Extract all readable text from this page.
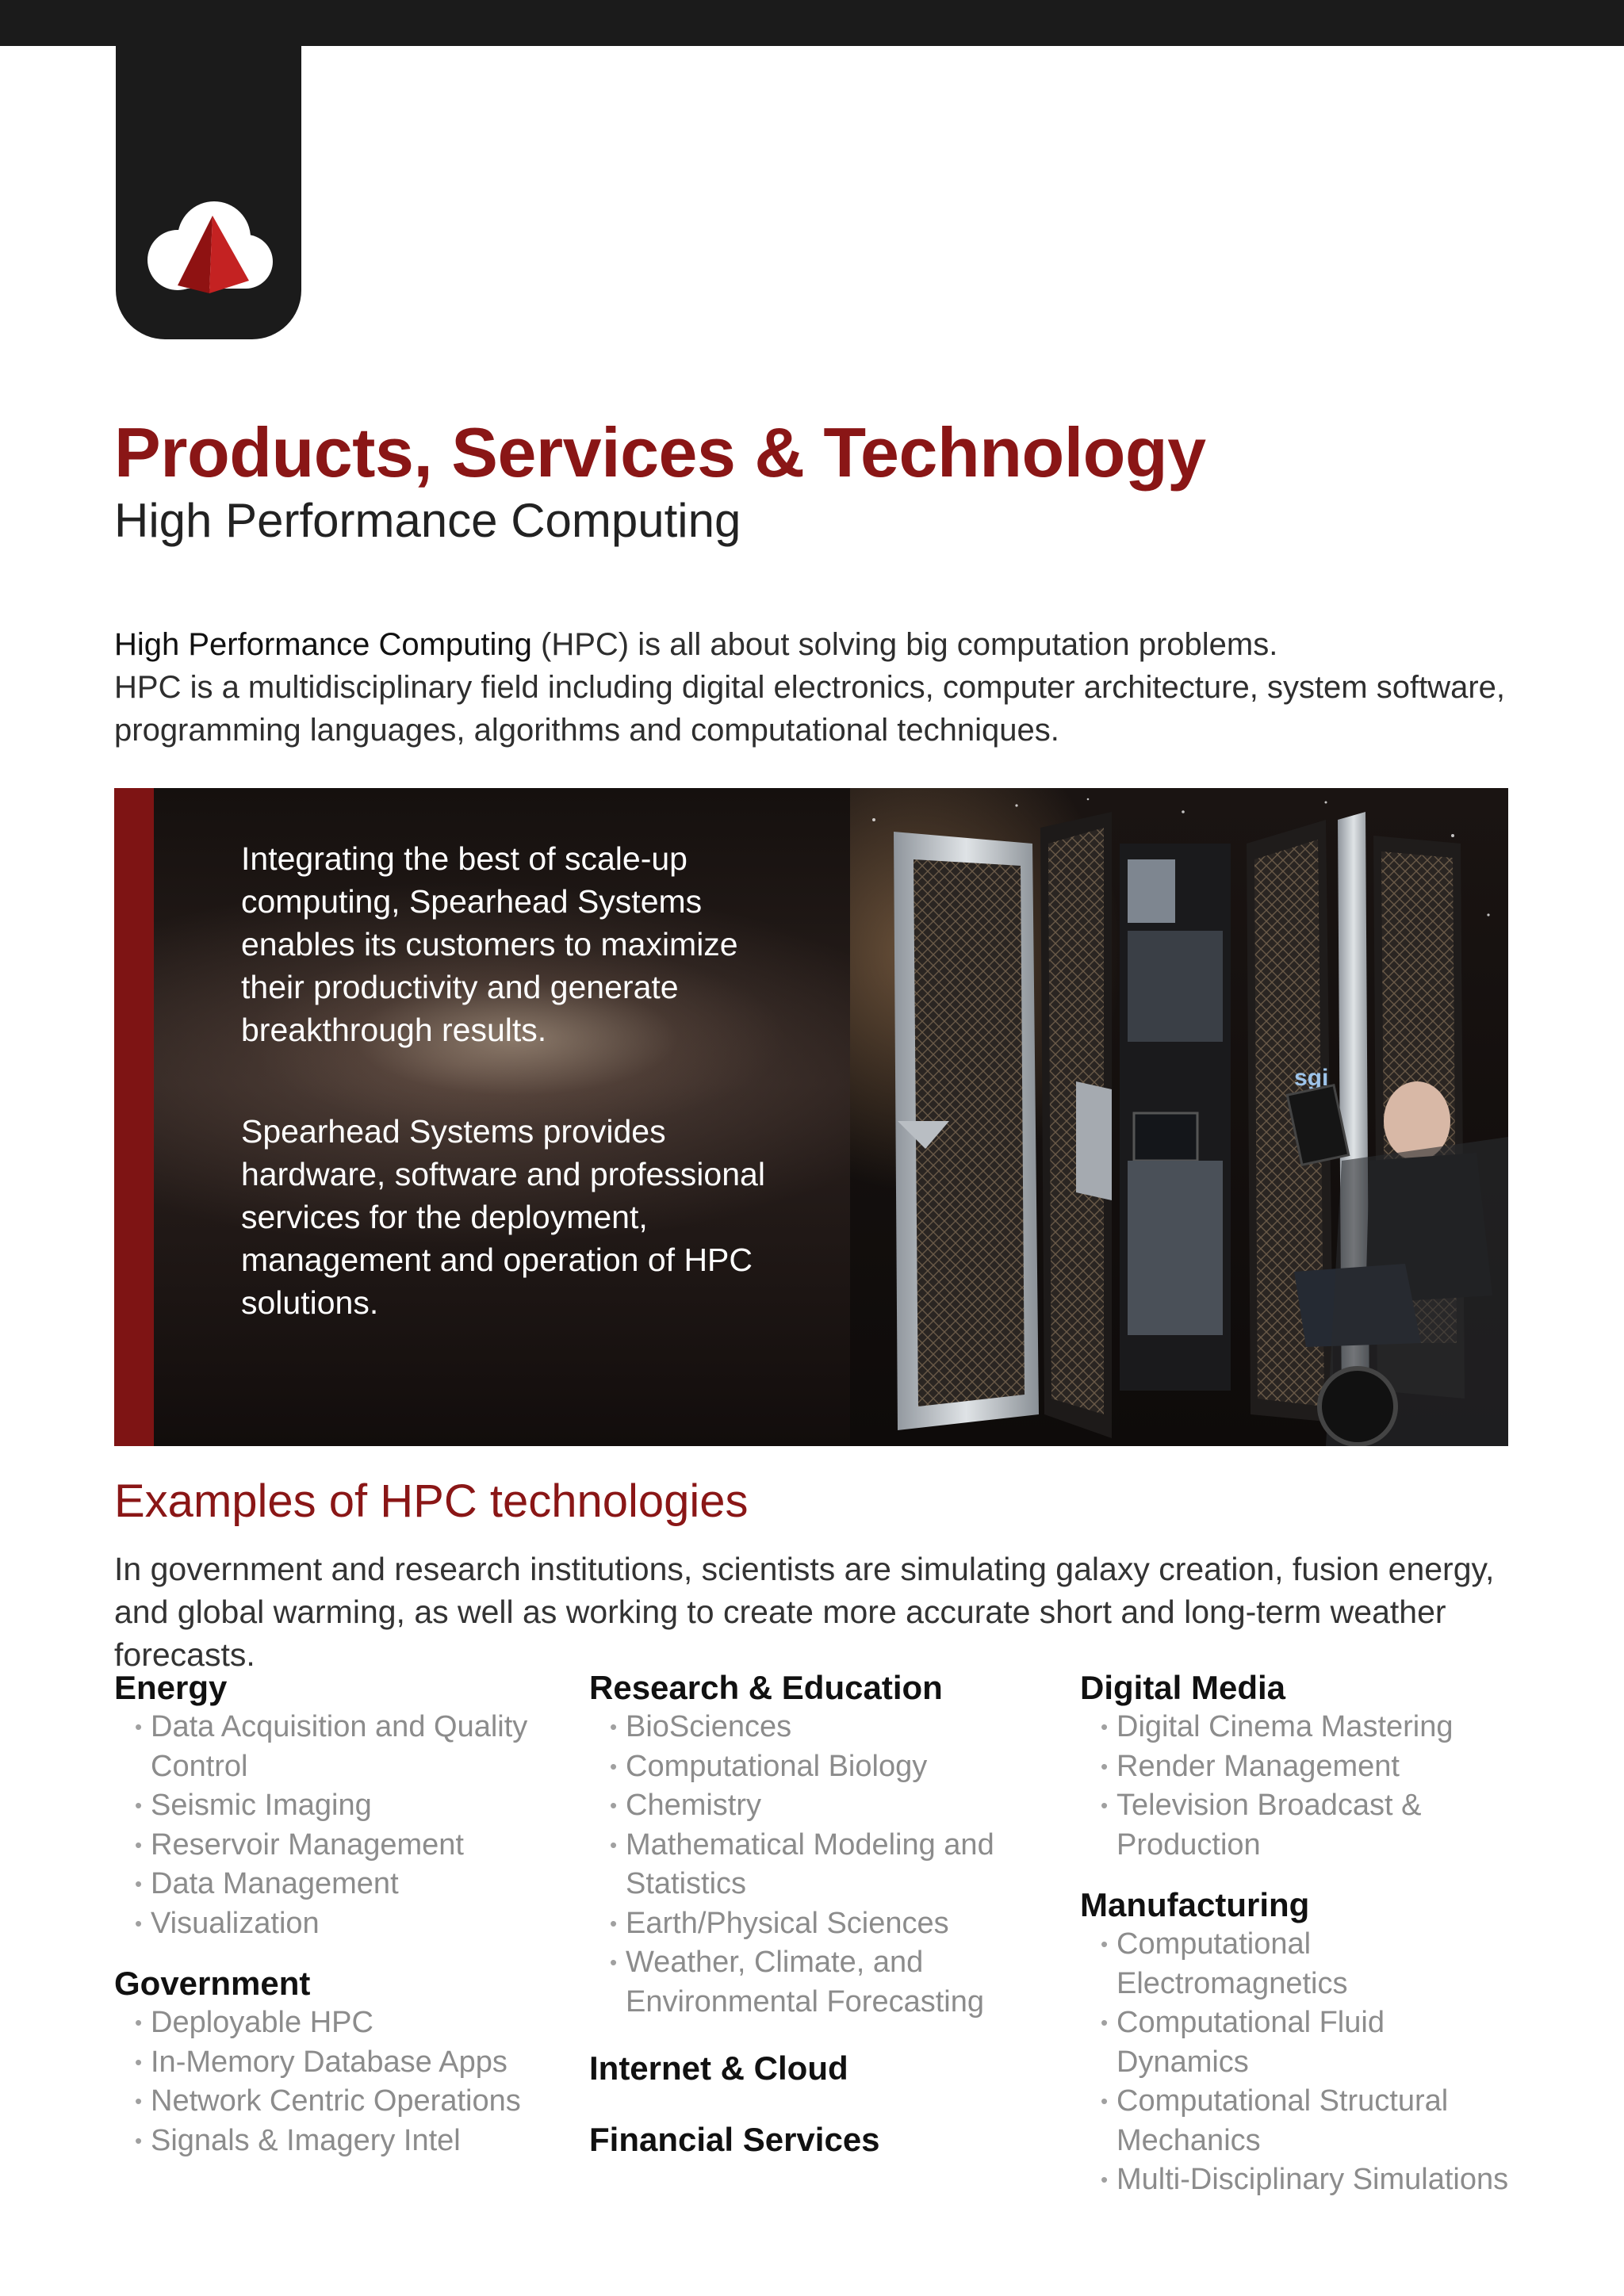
Products, Services & Technology
High Performance Computing

High Performance Computing (HPC) is all about solving big computation problems.

HPC is a multidisciplinary field including digital electronics, computer architecture, system software,

programming languages, algorithms and computational techniques.

Integrating the best of scale-up computing, Spearhead Systems enables its customers to maximize their productivity and generate breakthrough results.

Spearhead Systems provides hardware, software and professional services for the deployment, management and operation of HPC solutions.

sgi
Examples of HPC technologies

In government and research institutions, scientists are simulating galaxy creation, fusion energy, and global warming, as well as working to create more accurate short and long-term weather forecasts.

Energy
• Data Acquisition and Quality Control
• Seismic Imaging
• Reservoir Management
• Data Management
• Visualization
Government
• Deployable HPC
• In-Memory Database Apps
• Network Centric Operations
• Signals & Imagery Intel
Research & Education
• BioSciences
• Computational Biology
• Chemistry
• Mathematical Modeling and Statistics
• Earth/Physical Sciences
• Weather, Climate, and Environmental Forecasting
Internet & Cloud
Financial Services
Digital Media
• Digital Cinema Mastering
• Render Management
• Television Broadcast & Production
Manufacturing
• Computational Electromagnetics
• Computational Fluid Dynamics
• Computational Structural Mechanics
• Multi-Disciplinary Simulations
